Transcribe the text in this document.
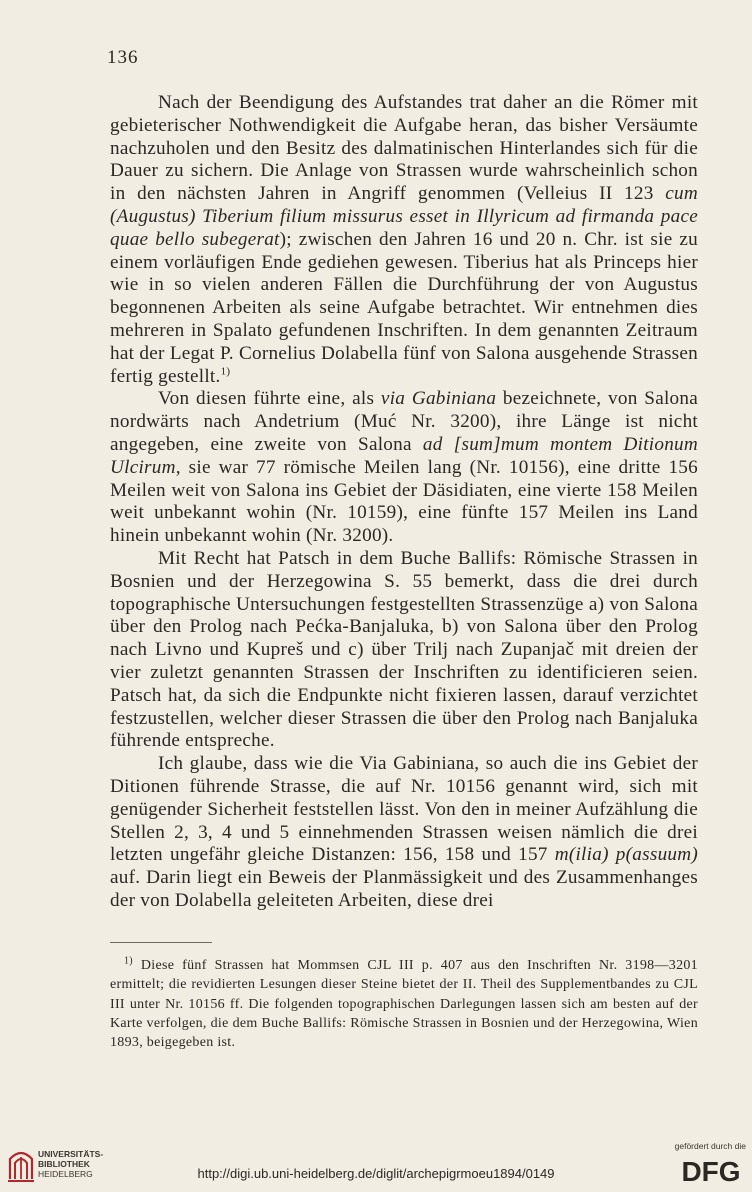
136

Nach der Beendigung des Aufstandes trat daher an die Römer mit gebieterischer Nothwendigkeit die Aufgabe heran, das bisher Versäumte nachzuholen und den Besitz des dalmatinischen Hinterlandes sich für die Dauer zu sichern. Die Anlage von Strassen wurde wahrscheinlich schon in den nächsten Jahren in Angriff genommen (Velleius II 123 cum (Augustus) Tiberium filium missurus esset in Illyricum ad firmanda pace quae bello subegerat); zwischen den Jahren 16 und 20 n. Chr. ist sie zu einem vorläufigen Ende gediehen gewesen. Tiberius hat als Princeps hier wie in so vielen anderen Fällen die Durchführung der von Augustus begonnenen Arbeiten als seine Aufgabe betrachtet. Wir entnehmen dies mehreren in Spalato gefundenen Inschriften. In dem genannten Zeitraum hat der Legat P. Cornelius Dolabella fünf von Salona ausgehende Strassen fertig gestellt.$^{1)}$

Von diesen führte eine, als via Gabiniana bezeichnete, von Salona nordwärts nach Andetrium (Muć Nr. 3200), ihre Länge ist nicht angegeben, eine zweite von Salona ad [sum]mum montem Ditionum Ulcirum, sie war 77 römische Meilen lang (Nr. 10156), eine dritte 156 Meilen weit von Salona ins Gebiet der Däsidiaten, eine vierte 158 Meilen weit unbekannt wohin (Nr. 10159), eine fünfte 157 Meilen ins Land hinein unbekannt wohin (Nr. 3200).

Mit Recht hat Patsch in dem Buche Ballifs: Römische Strassen in Bosnien und der Herzegowina S. 55 bemerkt, dass die drei durch topographische Untersuchungen festgestellten Strassenzüge a) von Salona über den Prolog nach Pećka-Banjaluka, b) von Salona über den Prolog nach Livno und Kupreš und c) über Trilj nach Zupanjač mit dreien der vier zuletzt genannten Strassen der Inschriften zu identificieren seien. Patsch hat, da sich die Endpunkte nicht fixieren lassen, darauf verzichtet festzustellen, welcher dieser Strassen die über den Prolog nach Banjaluka führende entspreche.

Ich glaube, dass wie die Via Gabiniana, so auch die ins Gebiet der Ditionen führende Strasse, die auf Nr. 10156 genannt wird, sich mit genügender Sicherheit feststellen lässt. Von den in meiner Aufzählung die Stellen 2, 3, 4 und 5 einnehmenden Strassen weisen nämlich die drei letzten ungefähr gleiche Distanzen: 156, 158 und 157 m(ilia) p(assuum) auf. Darin liegt ein Beweis der Planmässigkeit und des Zusammenhanges der von Dolabella geleiteten Arbeiten, diese drei

$^{1)}$ Diese fünf Strassen hat Mommsen CJL III p. 407 aus den Inschriften Nr. 3198—3201 ermittelt; die revidierten Lesungen dieser Steine bietet der II. Theil des Supplementbandes zu CJL III unter Nr. 10156 ff. Die folgenden topographischen Darlegungen lassen sich am besten auf der Karte verfolgen, die dem Buche Ballifs: Römische Strassen in Bosnien und der Herzegowina, Wien 1893, beigegeben ist.

UNIVERSITÄTS-
BIBLIOTHEK
HEIDELBERG	http://digi.ub.uni-heidelberg.de/diglit/archepigrmoeu1894/0149
gefördert durch die
DFG
